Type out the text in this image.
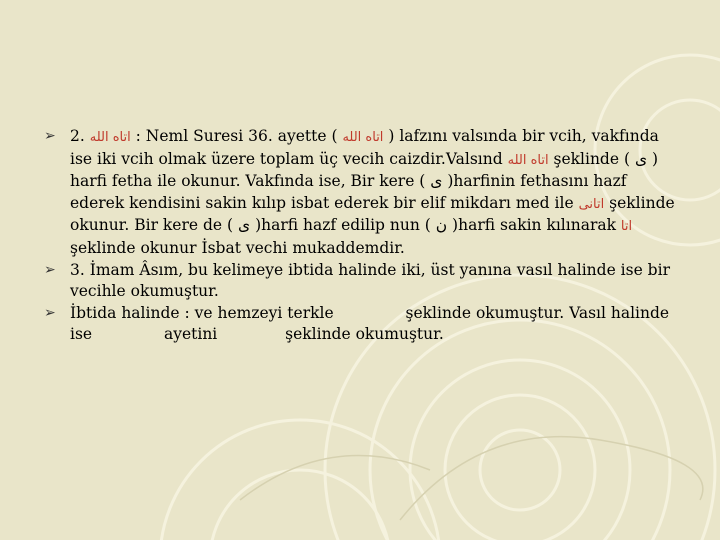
➢ 2. ﺍﺗﺎﻩ ﺍﻟﻠﻪ : Neml Suresi 36. ayette ( ﺍﺗﺎﻩ ﺍﻟﻠﻪ ) lafzını valsında bir vcih, vakfında ise iki vcih olmak üzere toplam üç vecih caizdir.Valsınd ﺍﺗﺎﻩ ﺍﻟﻠﻪ şeklinde ( ﻯ ) harfi fetha ile okunur. Vakfında ise, Bir kere ( ﻯ )harfinin fethasını hazf ederek kendisini sakin kılıp isbat ederek bir elif mikdarı med ile ﺍﺗﺎﻧﻰ şeklinde okunur. Bir kere de ( ﻯ )harfi hazf edilip nun ( ﻥ )harfi sakin kılınarak ﺍﺗﺎ şeklinde okunur İsbat vechi mukaddemdir.
➢ 3. İmam Âsım, bu kelimeye ibtida halinde iki, üst yanına vasıl halinde ise bir vecihle okumuştur.
➢ İbtida halinde : ve hemzeyi terkle	şeklinde okumuştur. Vasıl halinde ise	ayetini	şeklinde okumuştur.
